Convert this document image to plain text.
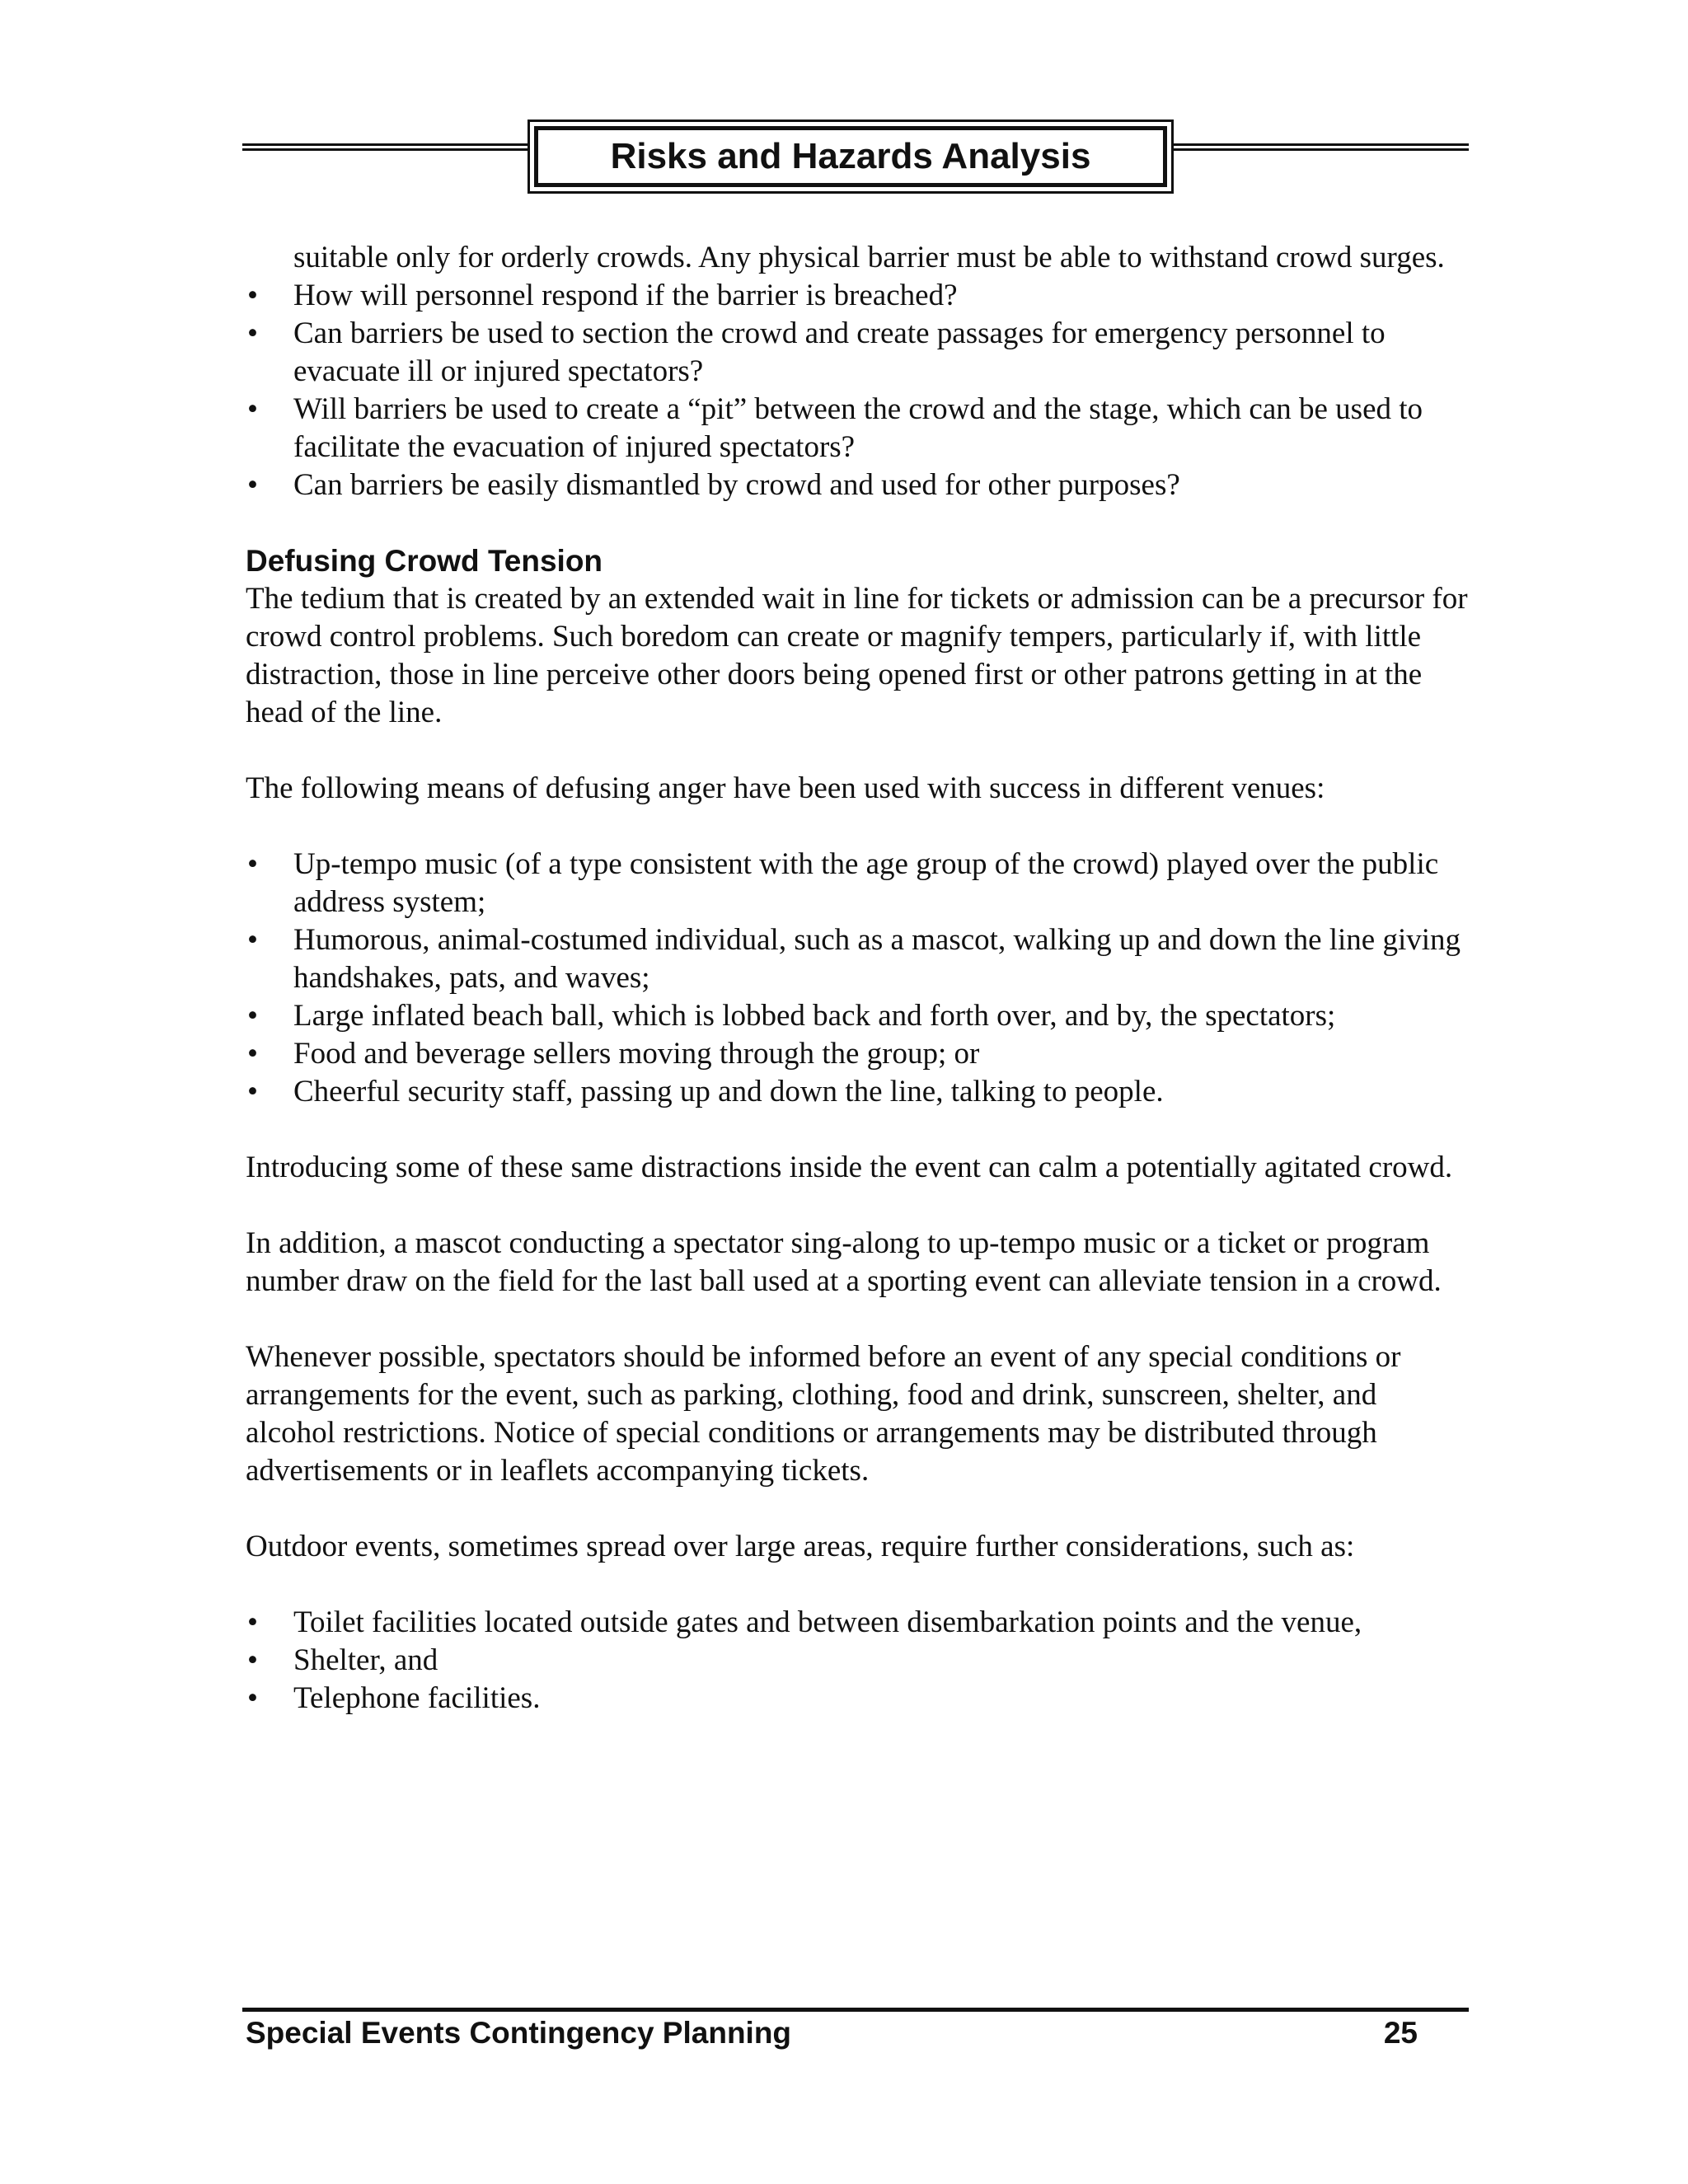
Risks and Hazards Analysis

suitable only for orderly crowds. Any physical barrier must be able to withstand crowd surges.

• How will personnel respond if the barrier is breached?
• Can barriers be used to section the crowd and create passages for emergency personnel to evacuate ill or injured spectators?
• Will barriers be used to create a “pit” between the crowd and the stage, which can be used to facilitate the evacuation of injured spectators?
• Can barriers be easily dismantled by crowd and used for other purposes?
Defusing Crowd Tension

The tedium that is created by an extended wait in line for tickets or admission can be a precursor for crowd control problems. Such boredom can create or magnify tempers, particularly if, with little distraction, those in line perceive other doors being opened first or other patrons getting in at the head of the line.

The following means of defusing anger have been used with success in different venues:

• Up-tempo music (of a type consistent with the age group of the crowd) played over the public address system;
• Humorous, animal-costumed individual, such as a mascot, walking up and down the line giving handshakes, pats, and waves;
• Large inflated beach ball, which is lobbed back and forth over, and by, the spectators;
• Food and beverage sellers moving through the group; or
• Cheerful security staff, passing up and down the line, talking to people.

Introducing some of these same distractions inside the event can calm a potentially agitated crowd.

In addition, a mascot conducting a spectator sing-along to up-tempo music or a ticket or program number draw on the field for the last ball used at a sporting event can alleviate tension in a crowd.

Whenever possible, spectators should be informed before an event of any special conditions or arrangements for the event, such as parking, clothing, food and drink, sunscreen, shelter, and alcohol restrictions. Notice of special conditions or arrangements may be distributed through advertisements or in leaflets accompanying tickets.

Outdoor events, sometimes spread over large areas, require further considerations, such as:

• Toilet facilities located outside gates and between disembarkation points and the venue,
• Shelter, and
• Telephone facilities.
Special Events Contingency Planning	25
